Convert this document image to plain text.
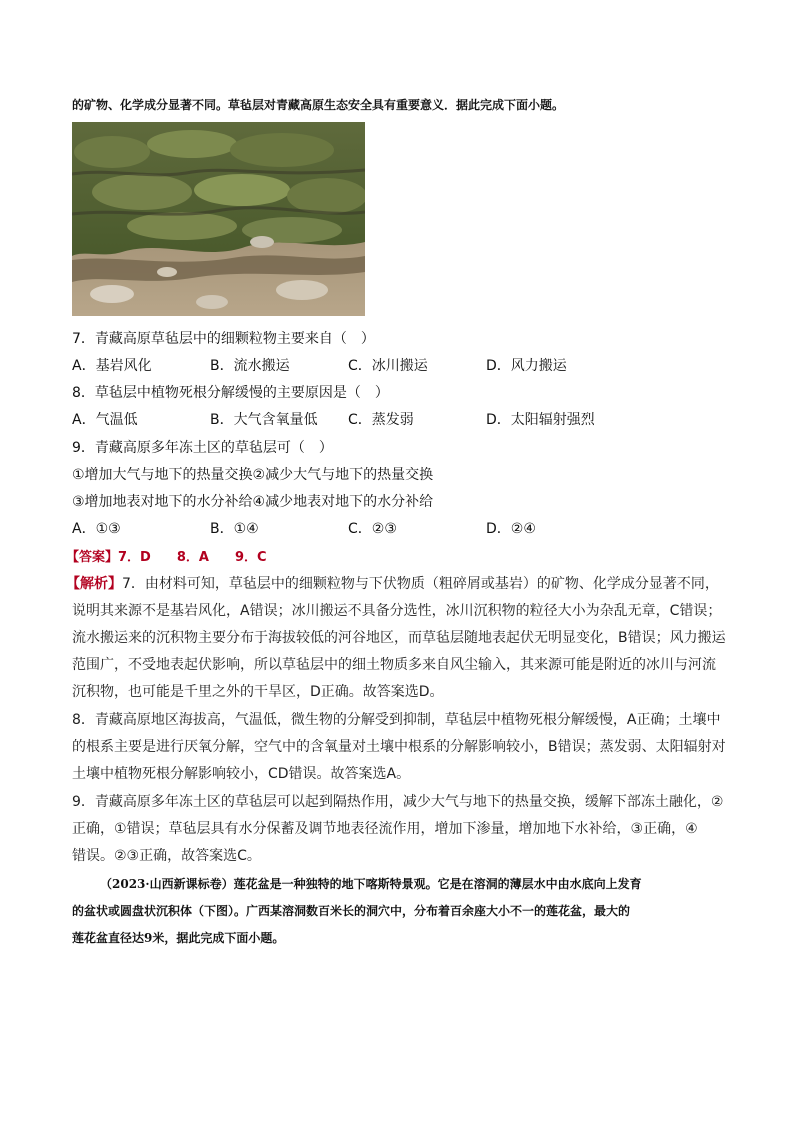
的矿物、化学成分显著不同。草毡层对青藏高原生态安全具有重要意义．据此完成下面小题。
7．青藏高原草毡层中的细颗粒物主要来自（　）
A．基岩风化	B．流水搬运	C．冰川搬运	D．风力搬运
8．草毡层中植物死根分解缓慢的主要原因是（　）
A．气温低	B．大气含氧量低 C．蒸发弱	D．太阳辐射强烈
9．青藏高原多年冻土区的草毡层可（　）
①增加大气与地下的热量交换②减少大气与地下的热量交换
③增加地表对地下的水分补给④减少地表对地下的水分补给
A．①③	B．①④	C．②③	D．②④
【答案】7．D　　8．A　　9．C
【解析】7．由材料可知，草毡层中的细颗粒物与下伏物质（粗碎屑或基岩）的矿物、化学成分显著不同，
说明其来源不是基岩风化，A错误；冰川搬运不具备分选性，冰川沉积物的粒径大小为杂乱无章，C错误；
流水搬运来的沉积物主要分布于海拔较低的河谷地区，而草毡层随地表起伏无明显变化，B错误；风力搬运
范围广，不受地表起伏影响，所以草毡层中的细土物质多来自风尘输入，其来源可能是附近的冰川与河流
沉积物，也可能是千里之外的干旱区，D正确。故答案选D。
8．青藏高原地区海拔高，气温低，微生物的分解受到抑制，草毡层中植物死根分解缓慢，A正确；土壤中
的根系主要是进行厌氧分解，空气中的含氧量对土壤中根系的分解影响较小，B错误；蒸发弱、太阳辐射对
土壤中植物死根分解影响较小，CD错误。故答案选A。
9．青藏高原多年冻土区的草毡层可以起到隔热作用，减少大气与地下的热量交换，缓解下部冻土融化，②
正确，①错误；草毡层具有水分保蓄及调节地表径流作用，增加下渗量，增加地下水补给，③正确，④
错误。②③正确，故答案选C。
（2023·山西新课标卷）莲花盆是一种独特的地下喀斯特景观。它是在溶洞的薄层水中由水底向上发育
的盆状或圆盘状沉积体（下图）。广西某溶洞数百米长的洞穴中，分布着百余座大小不一的莲花盆，最大的
莲花盆直径达9米，据此完成下面小题。
